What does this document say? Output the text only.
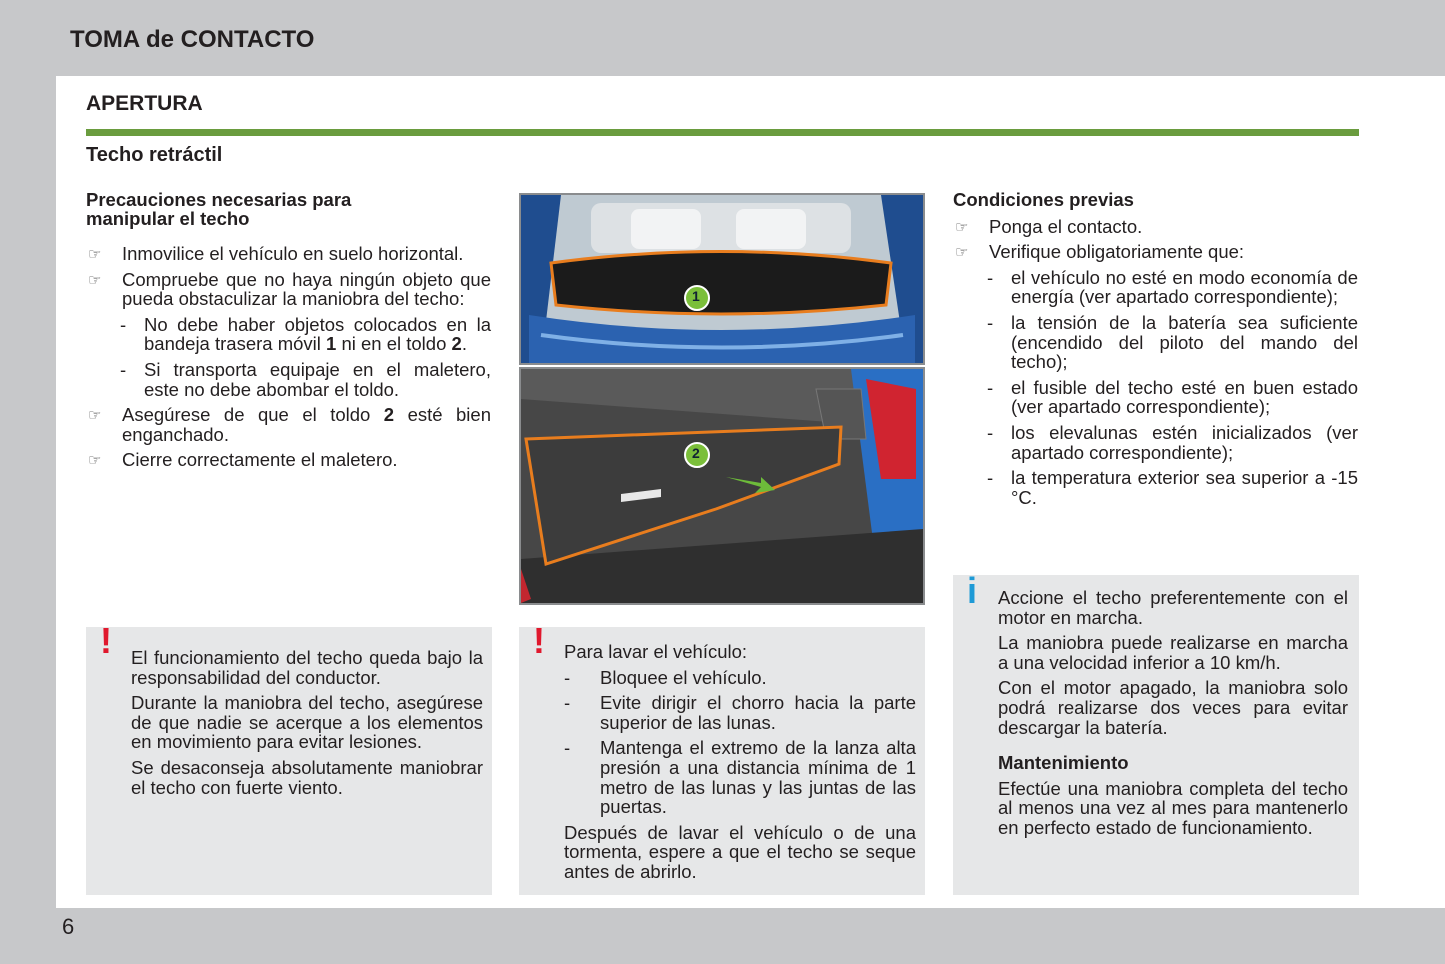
TOMA de CONTACTO
6
APERTURA
Techo retráctil

Precauciones necesarias para manipular el techo

☞ Inmovilice el vehículo en suelo horizontal.
☞ Compruebe que no haya ningún objeto que pueda obstaculizar la maniobra del techo:
- No debe haber objetos colocados en la bandeja trasera móvil 1 ni en el toldo 2.
- Si transporta equipaje en el maletero, este no debe abombar el toldo.
☞ Asegúrese de que el toldo 2 esté bien enganchado.
☞ Cierre correctamente el maletero.
1
2

Condiciones previas

☞ Ponga el contacto.
☞ Verifique obligatoriamente que:
- el vehículo no esté en modo economía de energía (ver apartado correspondiente);
- la tensión de la batería sea suficiente (encendido del piloto del mando del techo);
- el fusible del techo esté en buen estado (ver apartado correspondiente);
- los elevalunas estén inicializados (ver apartado correspondiente);
- la temperatura exterior sea superior a -15 °C.
! El funcionamiento del techo queda bajo la responsabilidad del conductor.

Durante la maniobra del techo, asegúrese de que nadie se acerque a los elementos en movimiento para evitar lesiones.

Se desaconseja absolutamente maniobrar el techo con fuerte viento.

! Para lavar el vehículo:

- Bloquee el vehículo.
- Evite dirigir el chorro hacia la parte superior de las lunas.
- Mantenga el extremo de la lanza alta presión a una distancia mínima de 1 metro de las lunas y las juntas de las puertas.

Después de lavar el vehículo o de una tormenta, espere a que el techo se seque antes de abrirlo.

i Accione el techo preferentemente con el motor en marcha.

La maniobra puede realizarse en marcha a una velocidad inferior a 10 km/h.

Con el motor apagado, la maniobra solo podrá realizarse dos veces para evitar descargar la batería.

Mantenimiento

Efectúe una maniobra completa del techo al menos una vez al mes para mantenerlo en perfecto estado de funcionamiento.
